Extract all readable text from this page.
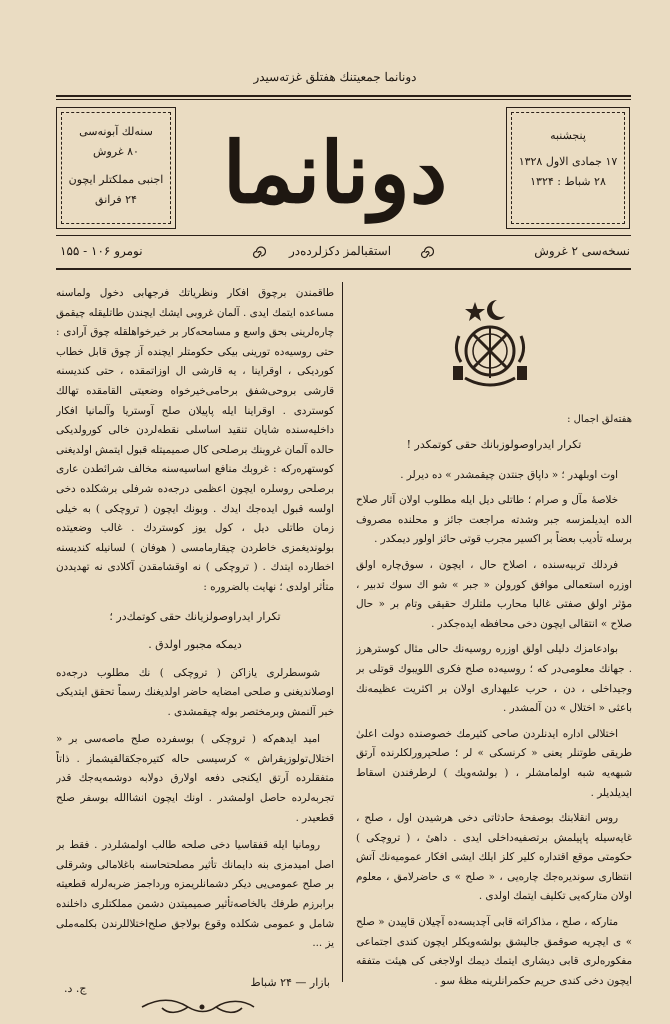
دونانما جمعیتنك هفتلق غزته‌سیدر
پنجشنبه
۱۷ جمادی الاول ۱۳۲۸
۲۸ شباط : ۱۳۲۴
سنه‌لك آبونه‌سی
۸۰ غروش
اجنبی مملکتلر ایچون
۲۴ فرانق	دونانما
نسخه‌سی ۲ غروش
استقبالمز دکزلرده‌در
نومرو ۱۰۶ - ۱۵۵

هفته‌لق اجمال :

تكرار ایدراوصولوزبانك حقی كوتمكدر !

اوت اوبلهدر ؛ « داپاق جنتدن چیقمشدر » ده دیرلر .

خلاصهٔ مآل و صرام ؛ طاتلی دیل ایله مطلوب اولان آثار صلاح الده ایدیلمزسه جبر وشدته مراجعت جائز و محلنده مصروف برسله تأدیب بعضاً بر اكسیر مجرب قوتی حائز اولور دیمكدر .

فردلك تربیه‌سنده ، اصلاح حال ، ایچون ، سوق‌چاره اولق اوزره استعمالی موافق كورولن « جبر » شو اك سوك تدبیر ، مؤثر اولق صفتی غالبا محارب ملتلرك حقیقی وتام بر « حال صلاح » انتقالی ایچون دخی محافظه ایده‌جكدر .

بوادعامزك دلیلی اولق اوزره روسیه‌نك حالی مثال كوسترهرز . جهانك معلومی‌در كه ؛ روسیه‌ده صلح فكری اللویبوك قوتلی بر وجیداخلی ، دن ، حرب علیهداری اولان بر اكثریت عظیمه‌نك باعثی « اختلال » دن آلمشدر .

اختلالی اداره ایدنلردن صاحی كثیرمك خصوصنده دولت اعلیٰ طریقی طوتنلر یعنی « كرنسكی » لر ؛ صلحپرورلكلرنده آرتق شبهه‌یه شبه اولمامشلر ، ( بولشه‌ویك ) لرطرفندن اسقاط ایدیلدیلر .

روس انقلابنك بوصفحهٔ حادثاتی دخی هرشیدن اول ، صلح ، غایه‌سیله پاپیلمش برتصفیه‌داخلی ایدی . داهیٔ ، ( تروچكی ) حكومتی موقع اقتداره كلیر كلز ایلك ایشی افكار عمومیه‌نك آتش انتظاری سوندیره‌جك چاره‌یی ، « صلح » ی حاضرلامق ، معلوم اولان متاركه‌یی تكلیف ایتمك اولدی .

متاركه ، صلح ، مذاكراته قابی آچدیسه‌ده آچیلان قاپیدن « صلح » ی ایچریه صوقمق جالیشق بولشه‌ویكلر ایچون كندی اجتماعی مفكوره‌لری قابی دیشاری ایتمك دیمك اولاجغی كی هیئت متفقه ایچون دخی كندی حریم حكمرانلرینه مظهٔ سو .

طاقمندن برچوق افكار ونظریاتك فرجهابی دخول ولماسنه مساعده ایتمك ایدی . آلمان غروبی ایشك ایچندن طاتلیقله چیقمق چاره‌لرینی بحق واسع و مسامحه‌كار بر خیرخواهلقله چوق آرادی : حتی روسیه‌ده تورینی بیكی حكومتلر ایچنده آز چوق قابل خطاب كوردیكی ، اوقراینا ، یه قارشی ال اوزاتمقده ، حتی كندیسنه قارشی بروحی‌شفق برحامی‌خیرخواه وضعیتی القامقده تهالك كوستردی . اوقراینا ایله پاپیلان صلح آوستریا وآلمانیا افكار داخلیه‌سنده شایان تنقید اساسلی نقطه‌لردن خالی كورولدیكی حالده آلمان غروبنك برصلحی كال صمیمیتله قبول ایتمش اولدیغنی كوستهره‌ركه : غروبك منافع اساسیه‌سنه مخالف شرائطدن عاری برصلحی روسلره ایچون اعظمی درجه‌ده شرفلی برشكلده دخی اولسه قبول ایده‌جك ایدك . وبونك ایچون ( تروچكی ) به خیلی زمان طاتلی دیل ، كول یوز كوستردك . غالب وضعیتده بولوندیغمزی خاطردن چیقارمامسی ( هوفان ) لسانیله كندیسنه اخطارده ایتدك . ( تروچكی ) نه اوقشامقدن آكلادی نه تهدیددن متأثر اولدی ؛ نهایت بالضروره :

تكرار ایدراوصولزیانك حقی كوتمك‌در ؛

دیمكه مجبور اولدق .

شوسطرلری یازاكن ( تروچكی ) نك مطلوب درجه‌ده اوصلاندیغنی و صلحی امضایه حاضر اولدیغنك رسماً تحقق ایتدیكی خبر آلنمش وبرمختصر بوله چیقمشدی .

امید ایدهم‌كه ( تروچكی ) بوسفرده صلح ماصه‌سی بر « اختلال‌تولوزیقراش » كرسیسی حاله كتیره‌جكقالقیشماز . ذاتاً متفقلرده آرتق ایكنجی دفعه اولارق دولابه دوشمه‌یه‌جك قدر تجربه‌لرده حاصل اولمشدر . اونك ایچون انشاالله بوسفر صلح قطعیدر .

رومانیا ایله قفقاسیا دخی صلحه طالب اولمشلردر . فقط بر اصل امیدمزی بنه دایمانك تأثیر مصلحتحا‌سنه باغلامالی وشرقلی بر صلح عمومی‌یی دیكر دشمانلریمزه ورداجمز ضربه‌لرله قطعیته برابرزم طرفك بالخاصه‌تأثیر صمیمیتدن دشمن مملكتلری داخلنده شامل و عمومی شكلده وقوع بولاجق صلح‌اختلاللرندن بكلمه‌ملی یز ...

بازار — ۲۴ شباط
ج. د.
